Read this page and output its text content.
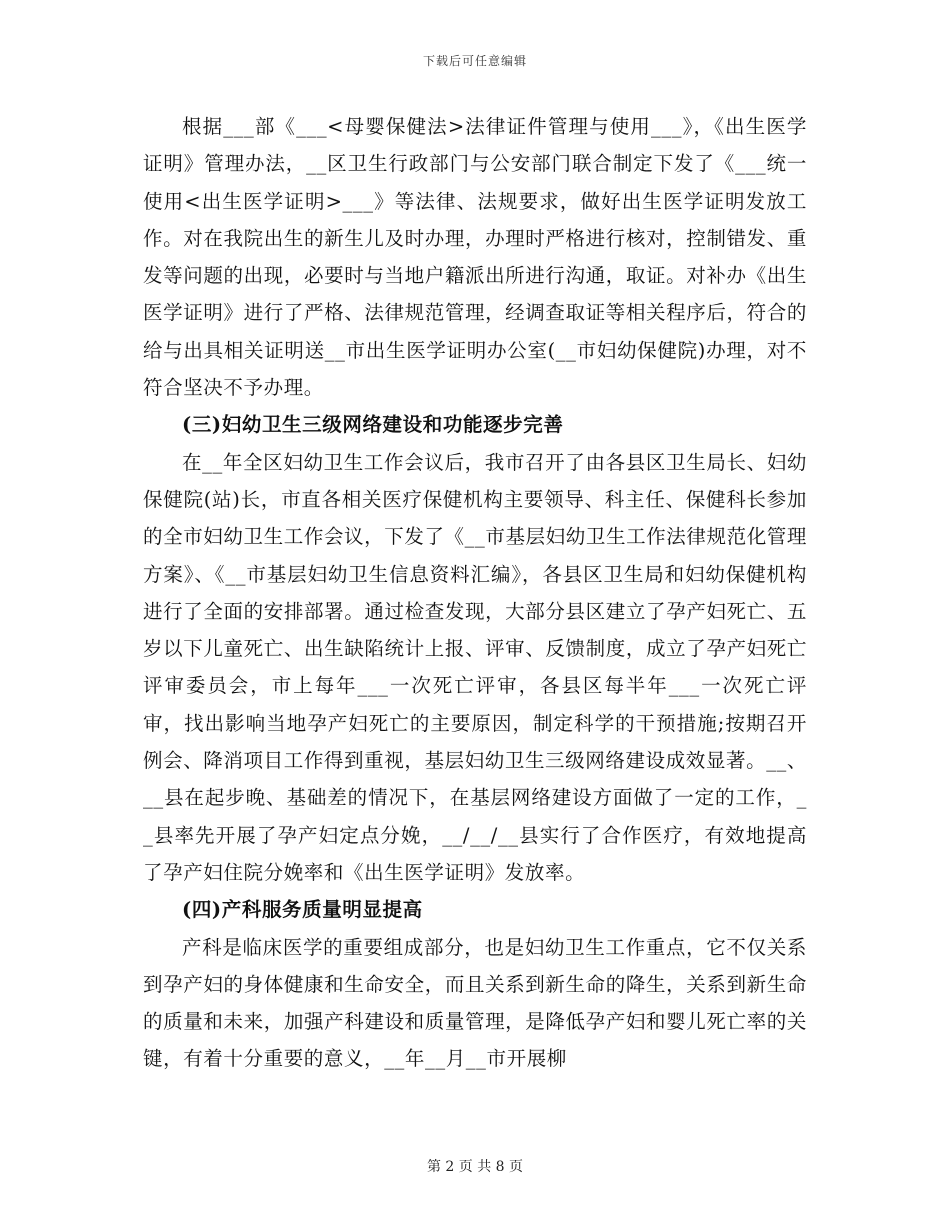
下载后可任意编辑

根据___部《___<母婴保健法>法律证件管理与使用___》，《出生医学证明》管理办法，__区卫生行政部门与公安部门联合制定下发了《___统一使用<出生医学证明>___》等法律、法规要求，做好出生医学证明发放工作。对在我院出生的新生儿及时办理，办理时严格进行核对，控制错发、重发等问题的出现，必要时与当地户籍派出所进行沟通，取证。对补办《出生医学证明》进行了严格、法律规范管理，经调查取证等相关程序后，符合的给与出具相关证明送__市出生医学证明办公室(__市妇幼保健院)办理，对不符合坚决不予办理。

(三)妇幼卫生三级网络建设和功能逐步完善

在__年全区妇幼卫生工作会议后，我市召开了由各县区卫生局长、妇幼保健院(站)长，市直各相关医疗保健机构主要领导、科主任、保健科长参加的全市妇幼卫生工作会议，下发了《__市基层妇幼卫生工作法律规范化管理方案》、《__市基层妇幼卫生信息资料汇编》，各县区卫生局和妇幼保健机构进行了全面的安排部署。通过检查发现，大部分县区建立了孕产妇死亡、五岁以下儿童死亡、出生缺陷统计上报、评审、反馈制度，成立了孕产妇死亡评审委员会，市上每年___一次死亡评审，各县区每半年___一次死亡评审，找出影响当地孕产妇死亡的主要原因，制定科学的干预措施;按期召开例会、降消项目工作得到重视，基层妇幼卫生三级网络建设成效显著。__、__县在起步晚、基础差的情况下，在基层网络建设方面做了一定的工作，__县率先开展了孕产妇定点分娩，__/__/__县实行了合作医疗，有效地提高了孕产妇住院分娩率和《出生医学证明》发放率。

(四)产科服务质量明显提高

产科是临床医学的重要组成部分，也是妇幼卫生工作重点，它不仅关系到孕产妇的身体健康和生命安全，而且关系到新生命的降生，关系到新生命的质量和未来，加强产科建设和质量管理，是降低孕产妇和婴儿死亡率的关键，有着十分重要的意义，__年__月__市开展柳

第 2 页 共 8 页
